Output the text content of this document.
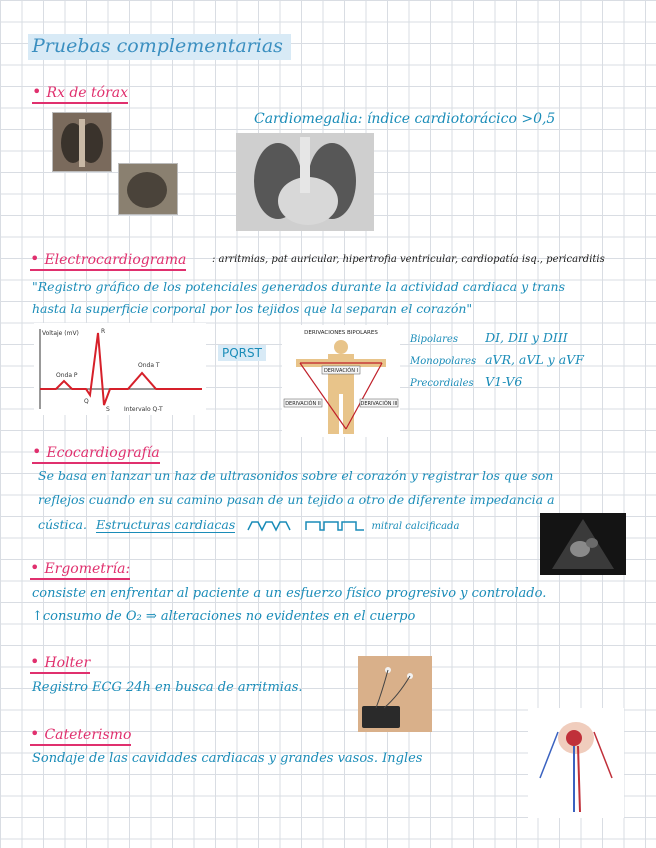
Pruebas complementarias
• Rx de tórax
Cardiomegalia: índice cardiotorácico >0,5
• Electrocardiograma	: arritmias, pat auricular, hipertrofia ventricular, cardiopatía isq., pericarditis
"Registro gráfico de los potenciales generados durante la actividad cardiaca y trans
hasta la superficie corporal por los tejidos que la separan el corazón"
Voltaje (mV)	R
Onda P
Q
S
Onda T
Intervalo Q-T
PQRST
DERIVACIONES BIPOLARES
DERIVACIÓN I
DERIVACIÓN II	DERIVACIÓN III
Bipolares DI, DII y DIII
Monopolares aVR, aVL y aVF
Precordiales V1-V6
• Ecocardiografía
Se basa en lanzar un haz de ultrasonidos sobre el corazón y registrar los que son
reflejos cuando en su camino pasan de un tejido a otro de diferente impedancia a
cústica. Estructuras cardiacas	mitral calcificada
• Ergometría:
consiste en enfrentar al paciente a un esfuerzo físico progresivo y controlado.
↑consumo de O₂ ⇒ alteraciones no evidentes en el cuerpo
• Holter
Registro ECG 24h en busca de arritmias.
• Cateterismo
Sondaje de las cavidades cardiacas y grandes vasos. Ingles
